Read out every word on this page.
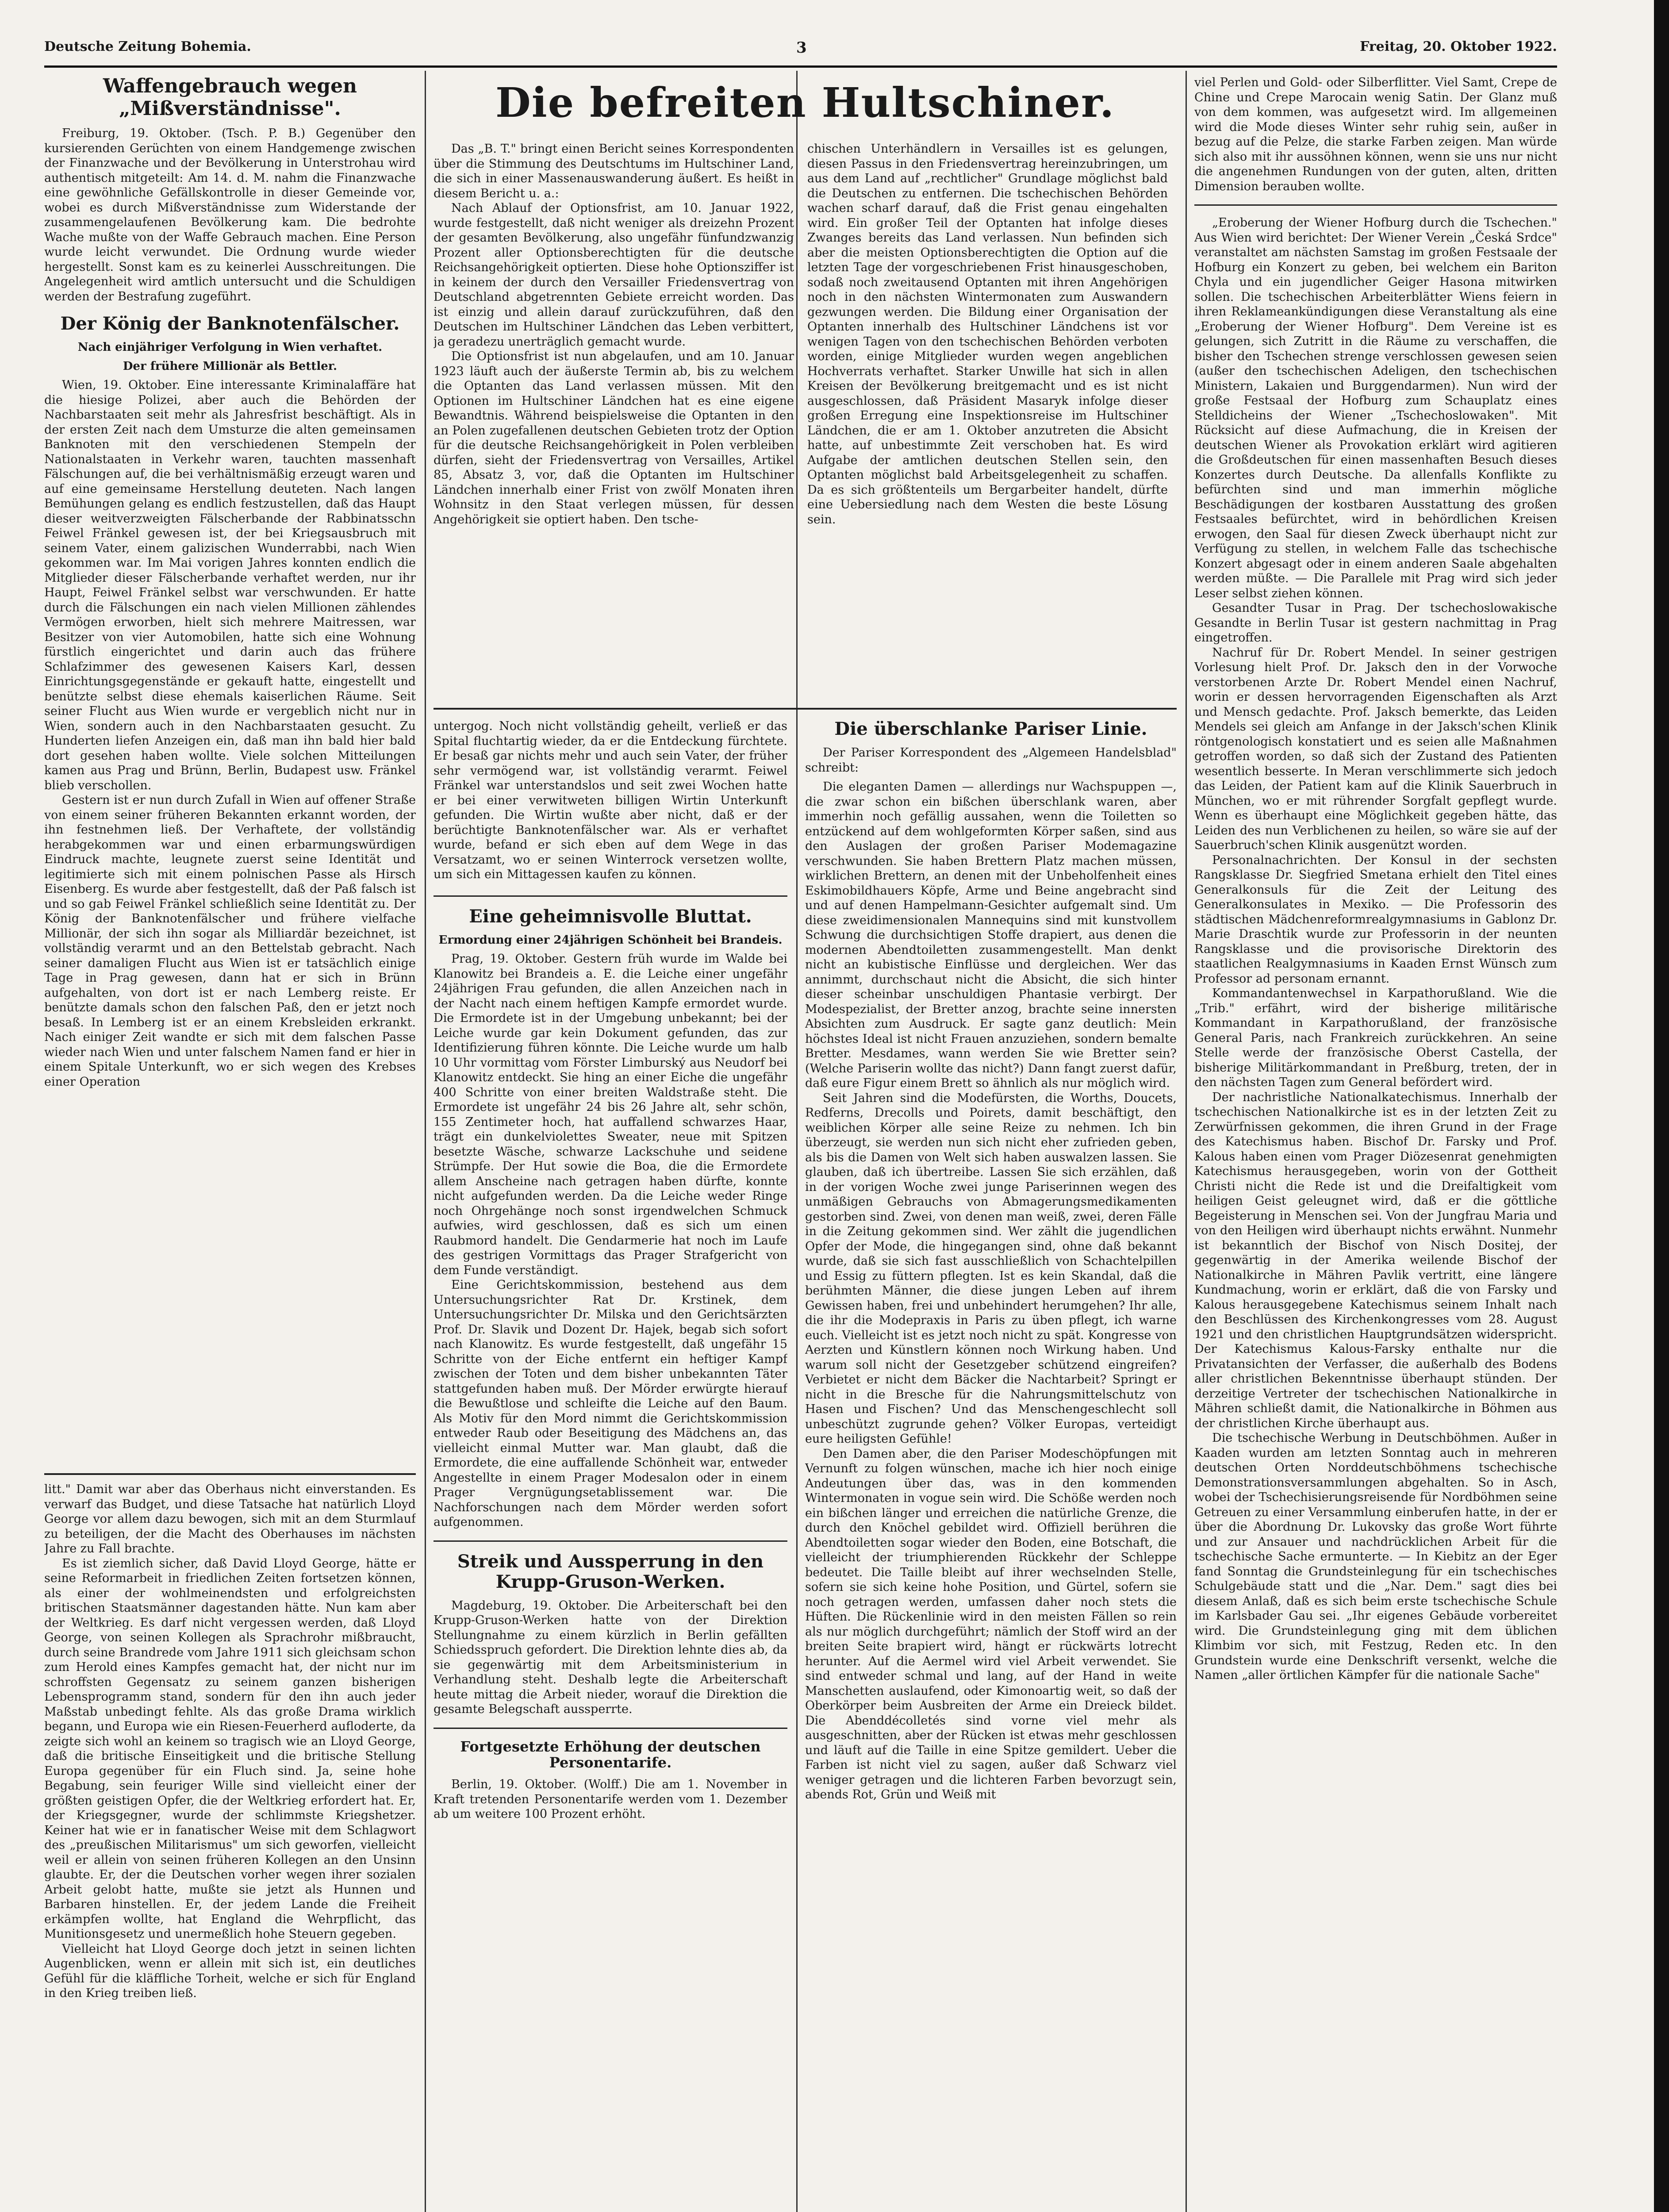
Deutsche Zeitung Bohemia.	3	Freitag, 20. Oktober 1922.
Waffengebrauch wegen „Mißverständnisse".

Freiburg, 19. Oktober. (Tsch. P. B.) Gegenüber den kursierenden Gerüchten von einem Handgemenge zwischen der Finanzwache und der Bevölkerung in Unterstrohau wird authentisch mitgeteilt: Am 14. d. M. nahm die Finanzwache eine gewöhnliche Gefällskontrolle in dieser Gemeinde vor, wobei es durch Mißverständnisse zum Widerstande der zusammengelaufenen Bevölkerung kam. Die bedrohte Wache mußte von der Waffe Gebrauch machen. Eine Person wurde leicht verwundet. Die Ordnung wurde wieder hergestellt. Sonst kam es zu keinerlei Ausschreitungen. Die Angelegenheit wird amtlich untersucht und die Schuldigen werden der Bestrafung zugeführt.

Der König der Banknotenfälscher.
Nach einjähriger Verfolgung in Wien verhaftet.
Der frühere Millionär als Bettler.

Wien, 19. Oktober. Eine interessante Kriminalaffäre hat die hiesige Polizei, aber auch die Behörden der Nachbarstaaten seit mehr als Jahresfrist beschäftigt. Als in der ersten Zeit nach dem Umsturze die alten gemeinsamen Banknoten mit den verschiedenen Stempeln der Nationalstaaten in Verkehr waren, tauchten massenhaft Fälschungen auf, die bei verhältnismäßig erzeugt waren und auf eine gemeinsame Herstellung deuteten. Nach langen Bemühungen gelang es endlich festzustellen, daß das Haupt dieser weitverzweigten Fälscherbande der Rabbinatsschn Feiwel Fränkel gewesen ist, der bei Kriegsausbruch mit seinem Vater, einem galizischen Wunderrabbi, nach Wien gekommen war. Im Mai vorigen Jahres konnten endlich die Mitglieder dieser Fälscherbande verhaftet werden, nur ihr Haupt, Feiwel Fränkel selbst war verschwunden. Er hatte durch die Fälschungen ein nach vielen Millionen zählendes Vermögen erworben, hielt sich mehrere Maitressen, war Besitzer von vier Automobilen, hatte sich eine Wohnung fürstlich eingerichtet und darin auch das frühere Schlafzimmer des gewesenen Kaisers Karl, dessen Einrichtungsgegenstände er gekauft hatte, eingestellt und benützte selbst diese ehemals kaiserlichen Räume. Seit seiner Flucht aus Wien wurde er vergeblich nicht nur in Wien, sondern auch in den Nachbarstaaten gesucht. Zu Hunderten liefen Anzeigen ein, daß man ihn bald hier bald dort gesehen haben wollte. Viele solchen Mitteilungen kamen aus Prag und Brünn, Berlin, Budapest usw. Fränkel blieb verschollen.

Gestern ist er nun durch Zufall in Wien auf offener Straße von einem seiner früheren Bekannten erkannt worden, der ihn festnehmen ließ. Der Verhaftete, der vollständig herabgekommen war und einen erbarmungswürdigen Eindruck machte, leugnete zuerst seine Identität und legitimierte sich mit einem polnischen Passe als Hirsch Eisenberg. Es wurde aber festgestellt, daß der Paß falsch ist und so gab Feiwel Fränkel schließlich seine Identität zu. Der König der Banknotenfälscher und frühere vielfache Millionär, der sich ihn sogar als Milliardär bezeichnet, ist vollständig verarmt und an den Bettelstab gebracht. Nach seiner damaligen Flucht aus Wien ist er tatsächlich einige Tage in Prag gewesen, dann hat er sich in Brünn aufgehalten, von dort ist er nach Lemberg reiste. Er benützte damals schon den falschen Paß, den er jetzt noch besaß. In Lemberg ist er an einem Krebsleiden erkrankt. Nach einiger Zeit wandte er sich mit dem falschen Passe wieder nach Wien und unter falschem Namen fand er hier in einem Spitale Unterkunft, wo er sich wegen des Krebses einer Operation

litt." Damit war aber das Oberhaus nicht einverstanden. Es verwarf das Budget, und diese Tatsache hat natürlich Lloyd George vor allem dazu bewogen, sich mit an dem Sturmlauf zu beteiligen, der die Macht des Oberhauses im nächsten Jahre zu Fall brachte.

Es ist ziemlich sicher, daß David Lloyd George, hätte er seine Reformarbeit in friedlichen Zeiten fortsetzen können, als einer der wohlmeinendsten und erfolgreichsten britischen Staatsmänner dagestanden hätte. Nun kam aber der Weltkrieg. Es darf nicht vergessen werden, daß Lloyd George, von seinen Kollegen als Sprachrohr mißbraucht, durch seine Brandrede vom Jahre 1911 sich gleichsam schon zum Herold eines Kampfes gemacht hat, der nicht nur im schroffsten Gegensatz zu seinem ganzen bisherigen Lebensprogramm stand, sondern für den ihn auch jeder Maßstab unbedingt fehlte. Als das große Drama wirklich begann, und Europa wie ein Riesen-Feuerherd aufloderte, da zeigte sich wohl an keinem so tragisch wie an Lloyd George, daß die britische Einseitigkeit und die britische Stellung Europa gegenüber für ein Fluch sind. Ja, seine hohe Begabung, sein feuriger Wille sind vielleicht einer der größten geistigen Opfer, die der Weltkrieg erfordert hat. Er, der Kriegsgegner, wurde der schlimmste Kriegshetzer. Keiner hat wie er in fanatischer Weise mit dem Schlagwort des „preußischen Militarismus" um sich geworfen, vielleicht weil er allein von seinen früheren Kollegen an den Unsinn glaubte. Er, der die Deutschen vorher wegen ihrer sozialen Arbeit gelobt hatte, mußte sie jetzt als Hunnen und Barbaren hinstellen. Er, der jedem Lande die Freiheit erkämpfen wollte, hat England die Wehrpflicht, das Munitionsgesetz und unermeßlich hohe Steuern gegeben.

Vielleicht hat Lloyd George doch jetzt in seinen lichten Augenblicken, wenn er allein mit sich ist, ein deutliches Gefühl für die kläffliche Torheit, welche er sich für England in den Krieg treiben ließ.

Die befreiten Hultschiner.

Das „B. T." bringt einen Bericht seines Korrespondenten über die Stimmung des Deutschtums im Hultschiner Land, die sich in einer Massenauswanderung äußert. Es heißt in diesem Bericht u. a.:

Nach Ablauf der Optionsfrist, am 10. Januar 1922, wurde festgestellt, daß nicht weniger als dreizehn Prozent der gesamten Bevölkerung, also ungefähr fünfundzwanzig Prozent aller Optionsberechtigten für die deutsche Reichsangehörigkeit optierten. Diese hohe Optionsziffer ist in keinem der durch den Versailler Friedensvertrag von Deutschland abgetrennten Gebiete erreicht worden. Das ist einzig und allein darauf zurückzuführen, daß den Deutschen im Hultschiner Ländchen das Leben verbittert, ja geradezu unerträglich gemacht wurde.

Die Optionsfrist ist nun abgelaufen, und am 10. Januar 1923 läuft auch der äußerste Termin ab, bis zu welchem die Optanten das Land verlassen müssen. Mit den Optionen im Hultschiner Ländchen hat es eine eigene Bewandtnis. Während beispielsweise die Optanten in den an Polen zugefallenen deutschen Gebieten trotz der Option für die deutsche Reichsangehörigkeit in Polen verbleiben dürfen, sieht der Friedensvertrag von Versailles, Artikel 85, Absatz 3, vor, daß die Optanten im Hultschiner Ländchen innerhalb einer Frist von zwölf Monaten ihren Wohnsitz in den Staat verlegen müssen, für dessen Angehörigkeit sie optiert haben. Den tsche-

chischen Unterhändlern in Versailles ist es gelungen, diesen Passus in den Friedensvertrag hereinzubringen, um aus dem Land auf „rechtlicher" Grundlage möglichst bald die Deutschen zu entfernen. Die tschechischen Behörden wachen scharf darauf, daß die Frist genau eingehalten wird. Ein großer Teil der Optanten hat infolge dieses Zwanges bereits das Land verlassen. Nun befinden sich aber die meisten Optionsberechtigten die Option auf die letzten Tage der vorgeschriebenen Frist hinausgeschoben, sodaß noch zweitausend Optanten mit ihren Angehörigen noch in den nächsten Wintermonaten zum Auswandern gezwungen werden. Die Bildung einer Organisation der Optanten innerhalb des Hultschiner Ländchens ist vor wenigen Tagen von den tschechischen Behörden verboten worden, einige Mitglieder wurden wegen angeblichen Hochverrats verhaftet. Starker Unwille hat sich in allen Kreisen der Bevölkerung breitgemacht und es ist nicht ausgeschlossen, daß Präsident Masaryk infolge dieser großen Erregung eine Inspektionsreise im Hultschiner Ländchen, die er am 1. Oktober anzutreten die Absicht hatte, auf unbestimmte Zeit verschoben hat. Es wird Aufgabe der amtlichen deutschen Stellen sein, den Optanten möglichst bald Arbeitsgelegenheit zu schaffen. Da es sich größtenteils um Bergarbeiter handelt, dürfte eine Uebersiedlung nach dem Westen die beste Lösung sein.

untergog. Noch nicht vollständig geheilt, verließ er das Spital fluchtartig wieder, da er die Entdeckung fürchtete. Er besaß gar nichts mehr und auch sein Vater, der früher sehr vermögend war, ist vollständig verarmt. Feiwel Fränkel war unterstandslos und seit zwei Wochen hatte er bei einer verwitweten billigen Wirtin Unterkunft gefunden. Die Wirtin wußte aber nicht, daß er der berüchtigte Banknotenfälscher war. Als er verhaftet wurde, befand er sich eben auf dem Wege in das Versatzamt, wo er seinen Winterrock versetzen wollte, um sich ein Mittagessen kaufen zu können.

Eine geheimnisvolle Bluttat.
Ermordung einer 24jährigen Schönheit bei Brandeis.

Prag, 19. Oktober. Gestern früh wurde im Walde bei Klanowitz bei Brandeis a. E. die Leiche einer ungefähr 24jährigen Frau gefunden, die allen Anzeichen nach in der Nacht nach einem heftigen Kampfe ermordet wurde. Die Ermordete ist in der Umgebung unbekannt; bei der Leiche wurde gar kein Dokument gefunden, das zur Identifizierung führen könnte. Die Leiche wurde um halb 10 Uhr vormittag vom Förster Limburský aus Neudorf bei Klanowitz entdeckt. Sie hing an einer Eiche die ungefähr 400 Schritte von einer breiten Waldstraße steht. Die Ermordete ist ungefähr 24 bis 26 Jahre alt, sehr schön, 155 Zentimeter hoch, hat auffallend schwarzes Haar, trägt ein dunkelviolettes Sweater, neue mit Spitzen besetzte Wäsche, schwarze Lackschuhe und seidene Strümpfe. Der Hut sowie die Boa, die die Ermordete allem Anscheine nach getragen haben dürfte, konnte nicht aufgefunden werden. Da die Leiche weder Ringe noch Ohrgehänge noch sonst irgendwelchen Schmuck aufwies, wird geschlossen, daß es sich um einen Raubmord handelt. Die Gendarmerie hat noch im Laufe des gestrigen Vormittags das Prager Strafgericht von dem Funde verständigt.

Eine Gerichtskommission, bestehend aus dem Untersuchungsrichter Rat Dr. Krstinek, dem Untersuchungsrichter Dr. Milska und den Gerichtsärzten Prof. Dr. Slavik und Dozent Dr. Hajek, begab sich sofort nach Klanowitz. Es wurde festgestellt, daß ungefähr 15 Schritte von der Eiche entfernt ein heftiger Kampf zwischen der Toten und dem bisher unbekannten Täter stattgefunden haben muß. Der Mörder erwürgte hierauf die Bewußtlose und schleifte die Leiche auf den Baum. Als Motiv für den Mord nimmt die Gerichtskommission entweder Raub oder Beseitigung des Mädchens an, das vielleicht einmal Mutter war. Man glaubt, daß die Ermordete, die eine auffallende Schönheit war, entweder Angestellte in einem Prager Modesalon oder in einem Prager Vergnügungsetablissement war. Die Nachforschungen nach dem Mörder werden sofort aufgenommen.

Streik und Aussperrung in den Krupp-Gruson-Werken.

Magdeburg, 19. Oktober. Die Arbeiterschaft bei den Krupp-Gruson-Werken hatte von der Direktion Stellungnahme zu einem kürzlich in Berlin gefällten Schiedsspruch gefordert. Die Direktion lehnte dies ab, da sie gegenwärtig mit dem Arbeitsministerium in Verhandlung steht. Deshalb legte die Arbeiterschaft heute mittag die Arbeit nieder, worauf die Direktion die gesamte Belegschaft aussperrte.

Fortgesetzte Erhöhung der deutschen Personentarife.

Berlin, 19. Oktober. (Wolff.) Die am 1. November in Kraft tretenden Personentarife werden vom 1. Dezember ab um weitere 100 Prozent erhöht.

Die überschlanke Pariser Linie.

Der Pariser Korrespondent des „Algemeen Handelsblad" schreibt:

Die eleganten Damen — allerdings nur Wachspuppen —, die zwar schon ein bißchen überschlank waren, aber immerhin noch gefällig aussahen, wenn die Toiletten so entzückend auf dem wohlgeformten Körper saßen, sind aus den Auslagen der großen Pariser Modemagazine verschwunden. Sie haben Brettern Platz machen müssen, wirklichen Brettern, an denen mit der Unbeholfenheit eines Eskimobildhauers Köpfe, Arme und Beine angebracht sind und auf denen Hampelmann-Gesichter aufgemalt sind. Um diese zweidimensionalen Mannequins sind mit kunstvollem Schwung die durchsichtigen Stoffe drapiert, aus denen die modernen Abendtoiletten zusammengestellt. Man denkt nicht an kubistische Einflüsse und dergleichen. Wer das annimmt, durchschaut nicht die Absicht, die sich hinter dieser scheinbar unschuldigen Phantasie verbirgt. Der Modespezialist, der Bretter anzog, brachte seine innersten Absichten zum Ausdruck. Er sagte ganz deutlich: Mein höchstes Ideal ist nicht Frauen anzuziehen, sondern bemalte Bretter. Mesdames, wann werden Sie wie Bretter sein? (Welche Pariserin wollte das nicht?) Dann fangt zuerst dafür, daß eure Figur einem Brett so ähnlich als nur möglich wird.

Seit Jahren sind die Modefürsten, die Worths, Doucets, Redferns, Drecolls und Poirets, damit beschäftigt, den weiblichen Körper alle seine Reize zu nehmen. Ich bin überzeugt, sie werden nun sich nicht eher zufrieden geben, als bis die Damen von Welt sich haben auswalzen lassen. Sie glauben, daß ich übertreibe. Lassen Sie sich erzählen, daß in der vorigen Woche zwei junge Pariserinnen wegen des unmäßigen Gebrauchs von Abmagerungsmedikamenten gestorben sind. Zwei, von denen man weiß, zwei, deren Fälle in die Zeitung gekommen sind. Wer zählt die jugendlichen Opfer der Mode, die hingegangen sind, ohne daß bekannt wurde, daß sie sich fast ausschließlich von Schachtelpillen und Essig zu füttern pflegten. Ist es kein Skandal, daß die berühmten Männer, die diese jungen Leben auf ihrem Gewissen haben, frei und unbehindert herumgehen? Ihr alle, die ihr die Modepraxis in Paris zu üben pflegt, ich warne euch. Vielleicht ist es jetzt noch nicht zu spät. Kongresse von Aerzten und Künstlern können noch Wirkung haben. Und warum soll nicht der Gesetzgeber schützend eingreifen? Verbietet er nicht dem Bäcker die Nachtarbeit? Springt er nicht in die Bresche für die Nahrungsmittelschutz von Hasen und Fischen? Und das Menschengeschlecht soll unbeschützt zugrunde gehen? Völker Europas, verteidigt eure heiligsten Gefühle!

Den Damen aber, die den Pariser Modeschöpfungen mit Vernunft zu folgen wünschen, mache ich hier noch einige Andeutungen über das, was in den kommenden Wintermonaten in vogue sein wird. Die Schöße werden noch ein bißchen länger und erreichen die natürliche Grenze, die durch den Knöchel gebildet wird. Offiziell berühren die Abendtoiletten sogar wieder den Boden, eine Botschaft, die vielleicht der triumphierenden Rückkehr der Schleppe bedeutet. Die Taille bleibt auf ihrer wechselnden Stelle, sofern sie sich keine hohe Position, und Gürtel, sofern sie noch getragen werden, umfassen daher noch stets die Hüften. Die Rückenlinie wird in den meisten Fällen so rein als nur möglich durchgeführt; nämlich der Stoff wird an der breiten Seite brapiert wird, hängt er rückwärts lotrecht herunter. Auf die Aermel wird viel Arbeit verwendet. Sie sind entweder schmal und lang, auf der Hand in weite Manschetten auslaufend, oder Kimonoartig weit, so daß der Oberkörper beim Ausbreiten der Arme ein Dreieck bildet. Die Abenddécolletés sind vorne viel mehr als ausgeschnitten, aber der Rücken ist etwas mehr geschlossen und läuft auf die Taille in eine Spitze gemildert. Ueber die Farben ist nicht viel zu sagen, außer daß Schwarz viel weniger getragen und die lichteren Farben bevorzugt sein, abends Rot, Grün und Weiß mit

viel Perlen und Gold- oder Silberflitter. Viel Samt, Crepe de Chine und Crepe Marocain wenig Satin. Der Glanz muß von dem kommen, was aufgesetzt wird. Im allgemeinen wird die Mode dieses Winter sehr ruhig sein, außer in bezug auf die Pelze, die starke Farben zeigen. Man würde sich also mit ihr aussöhnen können, wenn sie uns nur nicht die angenehmen Rundungen von der guten, alten, dritten Dimension berauben wollte.

„Eroberung der Wiener Hofburg durch die Tschechen." Aus Wien wird berichtet: Der Wiener Verein „Česká Srdce" veranstaltet am nächsten Samstag im großen Festsaale der Hofburg ein Konzert zu geben, bei welchem ein Bariton Chyla und ein jugendlicher Geiger Hasona mitwirken sollen. Die tschechischen Arbeiterblätter Wiens feiern in ihren Reklameankündigungen diese Veranstaltung als eine „Eroberung der Wiener Hofburg". Dem Vereine ist es gelungen, sich Zutritt in die Räume zu verschaffen, die bisher den Tschechen strenge verschlossen gewesen seien (außer den tschechischen Adeligen, den tschechischen Ministern, Lakaien und Burggendarmen). Nun wird der große Festsaal der Hofburg zum Schauplatz eines Stelldicheins der Wiener „Tschechoslowaken". Mit Rücksicht auf diese Aufmachung, die in Kreisen der deutschen Wiener als Provokation erklärt wird agitieren die Großdeutschen für einen massenhaften Besuch dieses Konzertes durch Deutsche. Da allenfalls Konflikte zu befürchten sind und man immerhin mögliche Beschädigungen der kostbaren Ausstattung des großen Festsaales befürchtet, wird in behördlichen Kreisen erwogen, den Saal für diesen Zweck überhaupt nicht zur Verfügung zu stellen, in welchem Falle das tschechische Konzert abgesagt oder in einem anderen Saale abgehalten werden müßte. — Die Parallele mit Prag wird sich jeder Leser selbst ziehen können.

Gesandter Tusar in Prag. Der tschechoslowakische Gesandte in Berlin Tusar ist gestern nachmittag in Prag eingetroffen.

Nachruf für Dr. Robert Mendel. In seiner gestrigen Vorlesung hielt Prof. Dr. Jaksch den in der Vorwoche verstorbenen Arzte Dr. Robert Mendel einen Nachruf, worin er dessen hervorragenden Eigenschaften als Arzt und Mensch gedachte. Prof. Jaksch bemerkte, das Leiden Mendels sei gleich am Anfange in der Jaksch'schen Klinik röntgenologisch konstatiert und es seien alle Maßnahmen getroffen worden, so daß sich der Zustand des Patienten wesentlich besserte. In Meran verschlimmerte sich jedoch das Leiden, der Patient kam auf die Klinik Sauerbruch in München, wo er mit rührender Sorgfalt gepflegt wurde. Wenn es überhaupt eine Möglichkeit gegeben hätte, das Leiden des nun Verblichenen zu heilen, so wäre sie auf der Sauerbruch'schen Klinik ausgenützt worden.

Personalnachrichten. Der Konsul in der sechsten Rangsklasse Dr. Siegfried Smetana erhielt den Titel eines Generalkonsuls für die Zeit der Leitung des Generalkonsulates in Mexiko. — Die Professorin des städtischen Mädchenreformrealgymnasiums in Gablonz Dr. Marie Draschtik wurde zur Professorin in der neunten Rangsklasse und die provisorische Direktorin des staatlichen Realgymnasiums in Kaaden Ernst Wünsch zum Professor ad personam ernannt.

Kommandantenwechsel in Karpathorußland. Wie die „Trib." erfährt, wird der bisherige militärische Kommandant in Karpathorußland, der französische General Paris, nach Frankreich zurückkehren. An seine Stelle werde der französische Oberst Castella, der bisherige Militärkommandant in Preßburg, treten, der in den nächsten Tagen zum General befördert wird.

Der nachristliche Nationalkatechismus. Innerhalb der tschechischen Nationalkirche ist es in der letzten Zeit zu Zerwürfnissen gekommen, die ihren Grund in der Frage des Katechismus haben. Bischof Dr. Farsky und Prof. Kalous haben einen vom Prager Diözesenrat genehmigten Katechismus herausgegeben, worin von der Gottheit Christi nicht die Rede ist und die Dreifaltigkeit vom heiligen Geist geleugnet wird, daß er die göttliche Begeisterung in Menschen sei. Von der Jungfrau Maria und von den Heiligen wird überhaupt nichts erwähnt. Nunmehr ist bekanntlich der Bischof von Nisch Dositej, der gegenwärtig in der Amerika weilende Bischof der Nationalkirche in Mähren Pavlik vertritt, eine längere Kundmachung, worin er erklärt, daß die von Farsky und Kalous herausgegebene Katechismus seinem Inhalt nach den Beschlüssen des Kirchenkongresses vom 28. August 1921 und den christlichen Hauptgrundsätzen widerspricht. Der Katechismus Kalous-Farsky enthalte nur die Privatansichten der Verfasser, die außerhalb des Bodens aller christlichen Bekenntnisse überhaupt stünden. Der derzeitige Vertreter der tschechischen Nationalkirche in Mähren schließt damit, die Nationalkirche in Böhmen aus der christlichen Kirche überhaupt aus.

Die tschechische Werbung in Deutschböhmen. Außer in Kaaden wurden am letzten Sonntag auch in mehreren deutschen Orten Norddeutschböhmens tschechische Demonstrationsversammlungen abgehalten. So in Asch, wobei der Tschechisierungsreisende für Nordböhmen seine Getreuen zu einer Versammlung einberufen hatte, in der er über die Abordnung Dr. Lukovsky das große Wort führte und zur Ansauer und nachdrücklichen Arbeit für die tschechische Sache ermunterte. — In Kiebitz an der Eger fand Sonntag die Grundsteinlegung für ein tschechisches Schulgebäude statt und die „Nar. Dem." sagt dies bei diesem Anlaß, daß es sich beim erste tschechische Schule im Karlsbader Gau sei. „Ihr eigenes Gebäude vorbereitet wird. Die Grundsteinlegung ging mit dem üblichen Klimbim vor sich, mit Festzug, Reden etc. In den Grundstein wurde eine Denkschrift versenkt, welche die Namen „aller örtlichen Kämpfer für die nationale Sache"
